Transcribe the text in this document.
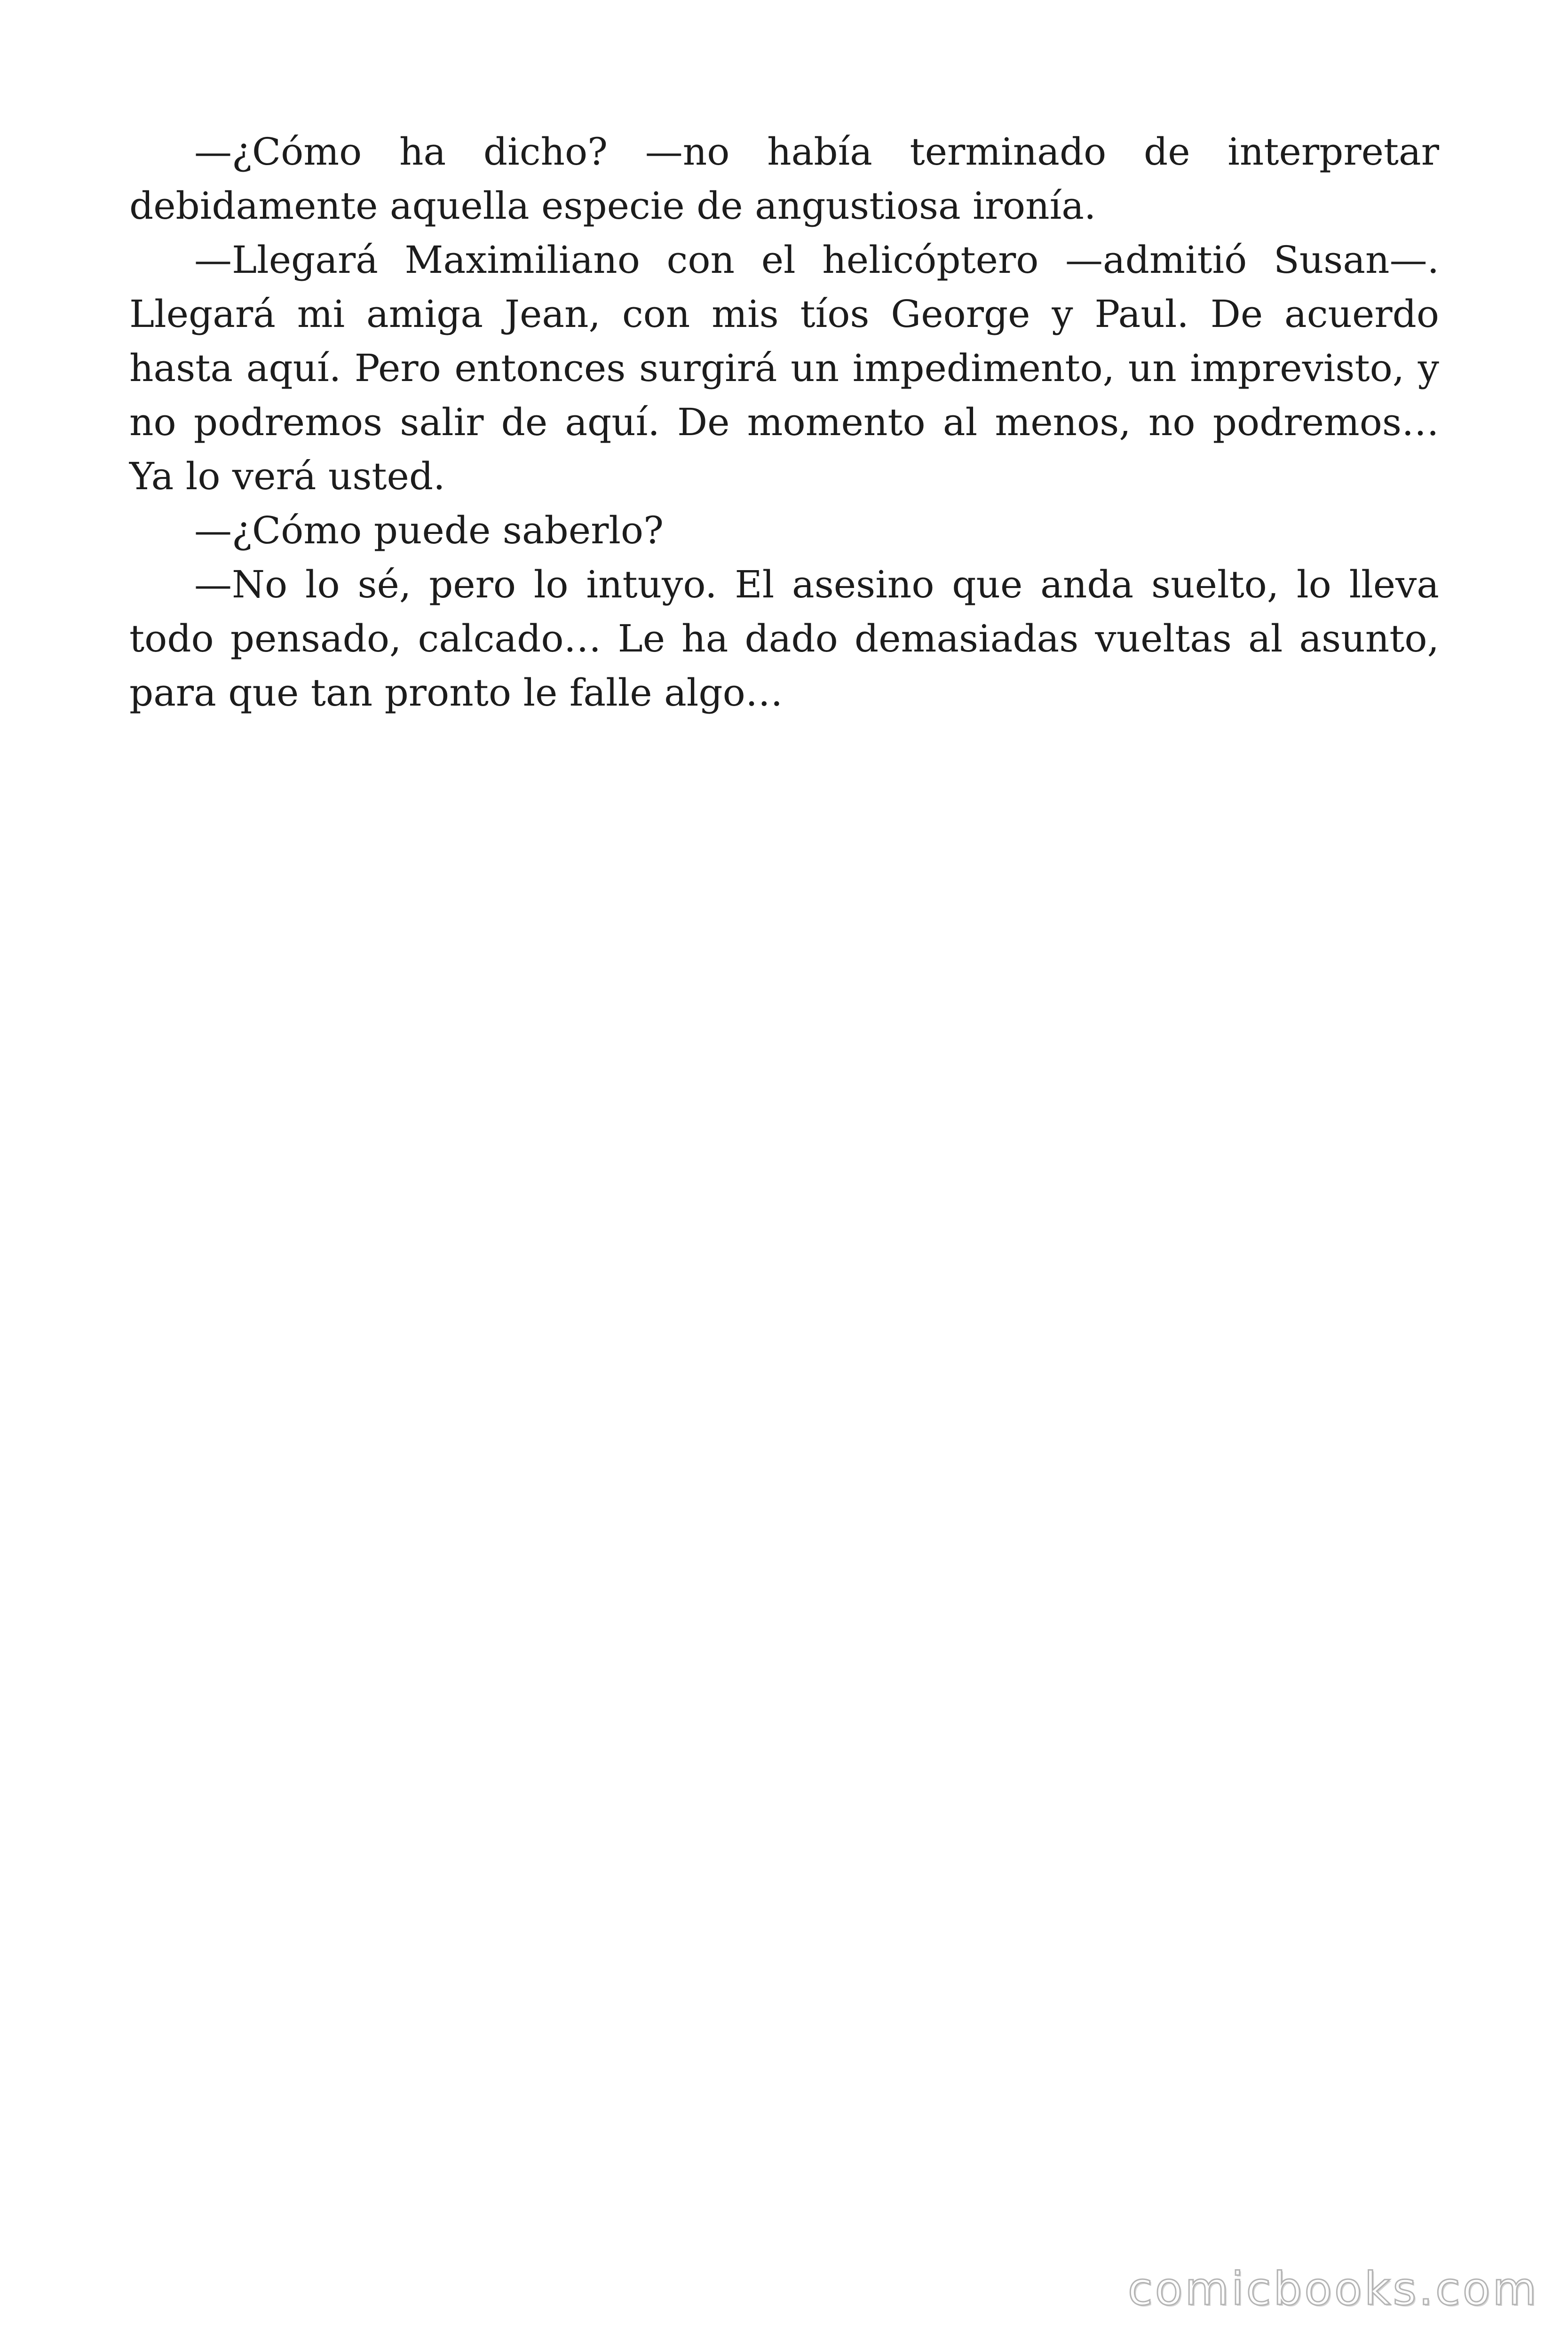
—¿Cómo ha dicho? —no había terminado de interpretar debidamente aquella especie de angustiosa ironía.

—Llegará Maximiliano con el helicóptero —admitió Susan—. Llegará mi amiga Jean, con mis tíos George y Paul. De acuerdo hasta aquí. Pero entonces surgirá un impedimento, un imprevisto, y no podremos salir de aquí. De momento al menos, no podremos… Ya lo verá usted.

—¿Cómo puede saberlo?

—No lo sé, pero lo intuyo. El asesino que anda suelto, lo lleva todo pensado, calcado… Le ha dado demasiadas vueltas al asunto, para que tan pronto le falle algo…

comicbooks.com
